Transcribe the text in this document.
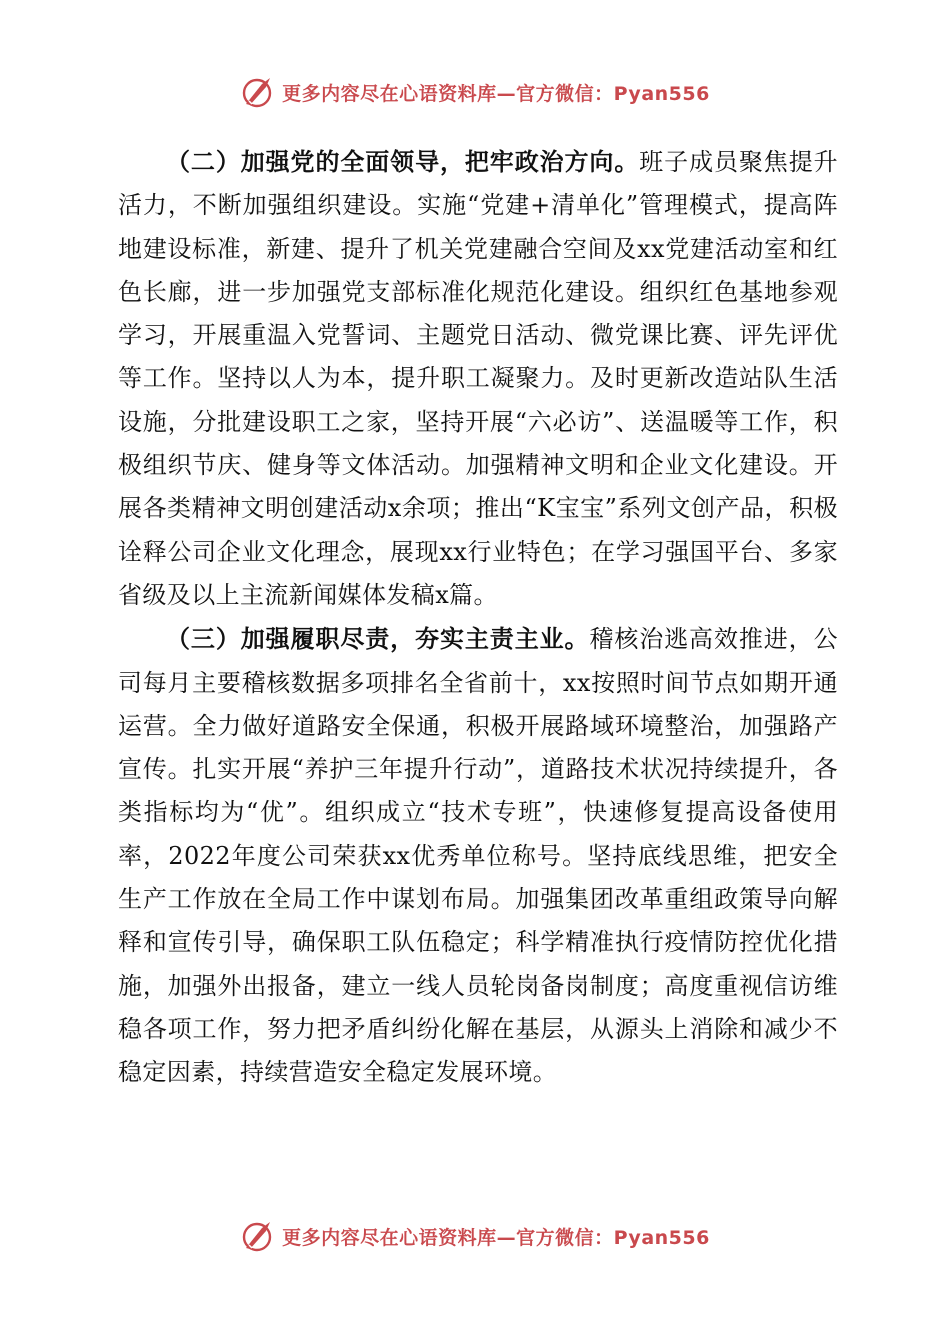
更多内容尽在心语资料库—官方微信：Pyan556

（二）加强党的全面领导，把牢政治方向。班子成员聚焦提升活力，不断加强组织建设。实施“党建+清单化”管理模式，提高阵地建设标准，新建、提升了机关党建融合空间及xx党建活动室和红色长廊，进一步加强党支部标准化规范化建设。组织红色基地参观学习，开展重温入党誓词、主题党日活动、微党课比赛、评先评优等工作。坚持以人为本，提升职工凝聚力。及时更新改造站队生活设施，分批建设职工之家，坚持开展“六必访”、送温暖等工作，积极组织节庆、健身等文体活动。加强精神文明和企业文化建设。开展各类精神文明创建活动x余项；推出“K宝宝”系列文创产品，积极诠释公司企业文化理念，展现xx行业特色；在学习强国平台、多家省级及以上主流新闻媒体发稿x篇。

（三）加强履职尽责，夯实主责主业。稽核治逃高效推进，公司每月主要稽核数据多项排名全省前十，xx按照时间节点如期开通运营。全力做好道路安全保通，积极开展路域环境整治，加强路产宣传。扎实开展“养护三年提升行动”，道路技术状况持续提升，各类指标均为“优”。组织成立“技术专班”，快速修复提高设备使用率，2022年度公司荣获xx优秀单位称号。坚持底线思维，把安全生产工作放在全局工作中谋划布局。加强集团改革重组政策导向解释和宣传引导，确保职工队伍稳定；科学精准执行疫情防控优化措施，加强外出报备，建立一线人员轮岗备岗制度；高度重视信访维稳各项工作，努力把矛盾纠纷化解在基层，从源头上消除和减少不稳定因素，持续营造安全稳定发展环境。

更多内容尽在心语资料库—官方微信：Pyan556
